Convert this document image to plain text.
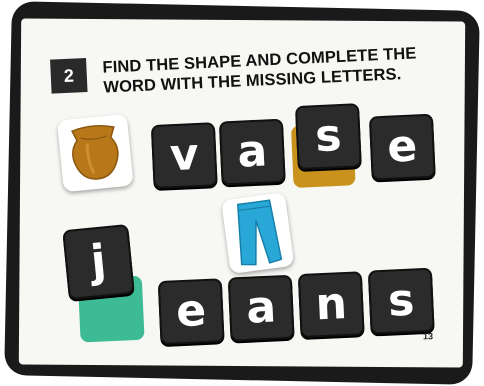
2	FIND THE SHAPE AND COMPLETE THE WORD WITH THE MISSING LETTERS.
v a	s e
j
e a n s
13
